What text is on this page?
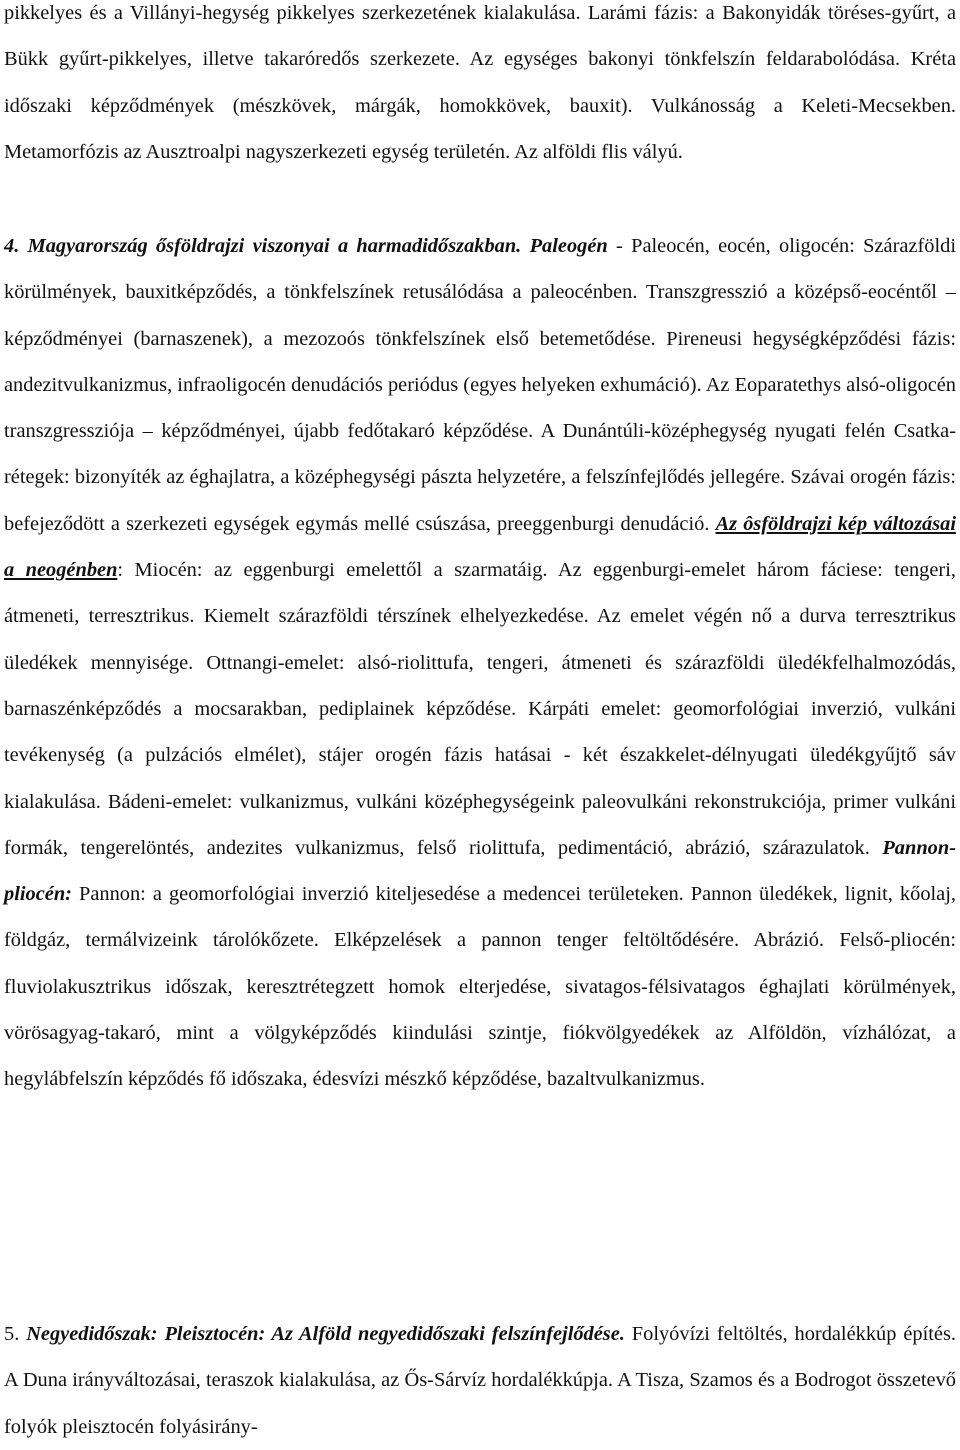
pikkelyes és a Villányi-hegység pikkelyes szerkezetének kialakulása. Larámi fázis: a Bakonyidák töréses-gyűrt, a Bükk gyűrt-pikkelyes, illetve takaróredős szerkezete. Az egységes bakonyi tönkfelszín feldarabolódása. Kréta időszaki képződmények (mészkövek, márgák, homokkövek, bauxit). Vulkánosság a Keleti-Mecsekben. Metamorfózis az Ausztroalpi nagyszerkezeti egység területén. Az alföldi flis vályú.

4. Magyarország ősföldrajzi viszonyai a harmadidőszakban. Paleogén - Paleocén, eocén, oligocén: Szárazföldi körülmények, bauxitképződés, a tönkfelszínek retusálódása a paleocénben. Transzgresszió a középső-eocéntől – képződményei (barnaszenek), a mezozoós tönkfelszínek első betemetődése. Pireneusi hegységképződési fázis: andezitvulkanizmus, infraoligocén denudációs periódus (egyes helyeken exhumáció). Az Eoparatethys alsó-oligocén transzgressziója – képződményei, újabb fedőtakaró képződése. A Dunántúli-középhegység nyugati felén Csatka-rétegek: bizonyíték az éghajlatra, a középhegységi pászta helyzetére, a felszínfejlődés jellegére. Szávai orogén fázis: befejeződött a szerkezeti egységek egymás mellé csúszása, preeggenburgi denudáció. Az ôsföldrajzi kép változásai a neogénben: Miocén: az eggenburgi emelettől a szarmatáig. Az eggenburgi-emelet három fáciese: tengeri, átmeneti, terresztrikus. Kiemelt szárazföldi térszínek elhelyezkedése. Az emelet végén nő a durva terresztrikus üledékek mennyisége. Ottnangi-emelet: alsó-riolittufa, tengeri, átmeneti és szárazföldi üledékfelhalmozódás, barnaszénképződés a mocsarakban, pediplainek képződése. Kárpáti emelet: geomorfológiai inverzió, vulkáni tevékenység (a pulzációs elmélet), stájer orogén fázis hatásai - két északkelet-délnyugati üledékgyűjtő sáv kialakulása. Bádeni-emelet: vulkanizmus, vulkáni középhegységeink paleovulkáni rekonstrukciója, primer vulkáni formák, tengerelöntés, andezites vulkanizmus, felső riolittufa, pedimentáció, abrázió, szárazulatok. Pannon-pliocén: Pannon: a geomorfológiai inverzió kiteljesedése a medencei területeken. Pannon üledékek, lignit, kőolaj, földgáz, termálvizeink tárolókőzete. Elképzelések a pannon tenger feltöltődésére. Abrázió. Felső-pliocén: fluviolakusztrikus időszak, keresztrétegzett homok elterjedése, sivatagos-félsivatagos éghajlati körülmények, vörösagyag-takaró, mint a völgyképződés kiindulási szintje, fiókvölgyedékek az Alföldön, vízhálózat, a hegylábfelszín képződés fő időszaka, édesvízi mészkő képződése, bazaltvulkanizmus.

5. Negyedidőszak: Pleisztocén: Az Alföld negyedidőszaki felszínfejlődése. Folyóvízi feltöltés, hordalékkúp építés. A Duna irányváltozásai, teraszok kialakulása, az Ős-Sárvíz hordalékkúpja. A Tisza, Szamos és a Bodrogot összetevő folyók pleisztocén folyásirány-
